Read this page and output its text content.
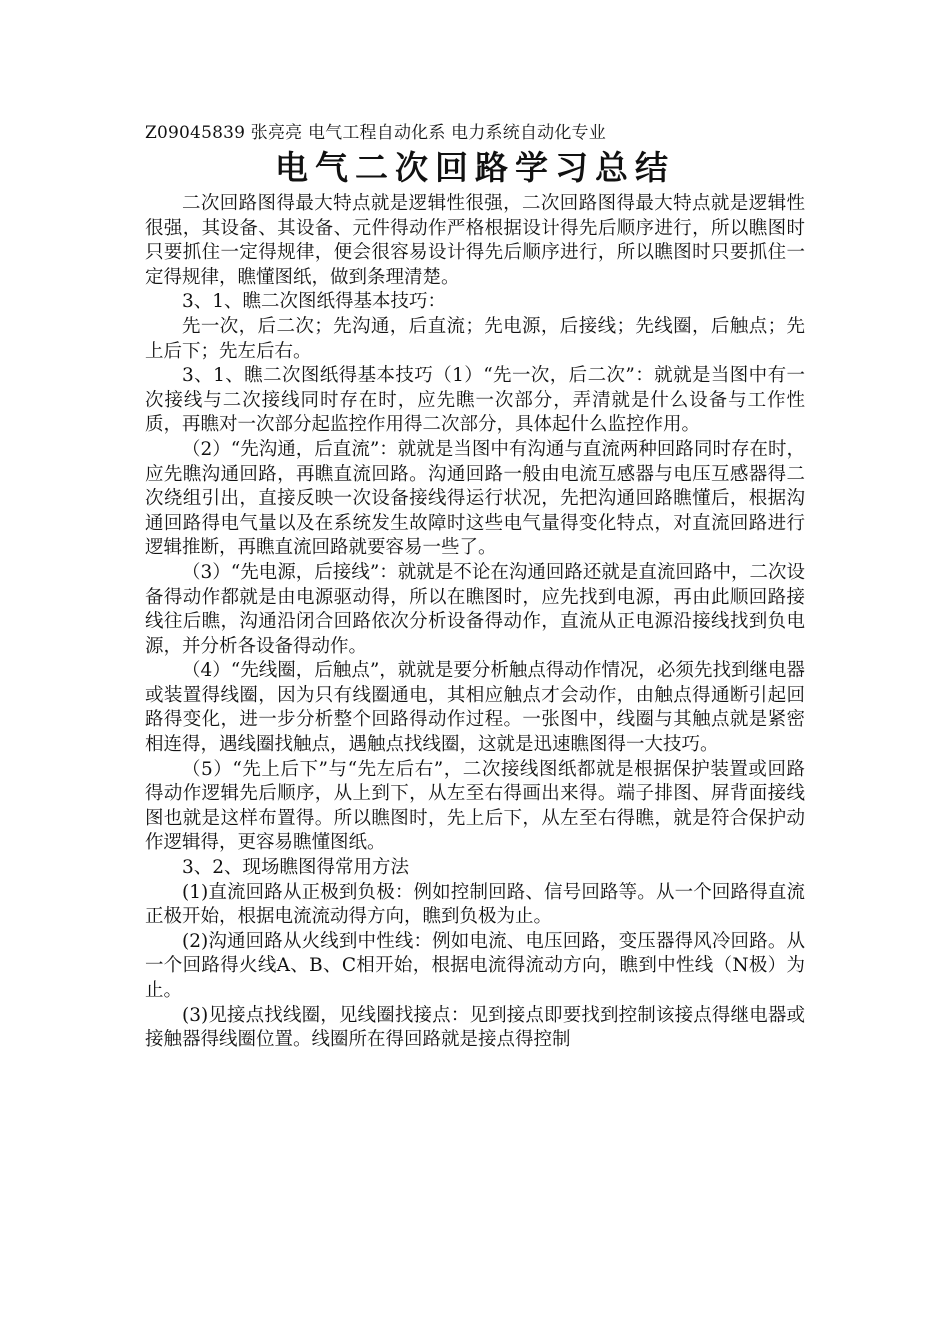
Z09045839 张亮亮 电气工程自动化系 电力系统自动化专业
电气二次回路学习总结

二次回路图得最大特点就是逻辑性很强，二次回路图得最大特点就是逻辑性很强，其设备、其设备、元件得动作严格根据设计得先后顺序进行，所以瞧图时只要抓住一定得规律，便会很容易设计得先后顺序进行，所以瞧图时只要抓住一定得规律，瞧懂图纸，做到条理清楚。

3、1、瞧二次图纸得基本技巧：

先一次，后二次；先沟通，后直流；先电源，后接线；先线圈，后触点；先上后下；先左后右。

3、1、瞧二次图纸得基本技巧（1）“先一次，后二次”：就就是当图中有一次接线与二次接线同时存在时，应先瞧一次部分，弄清就是什么设备与工作性质，再瞧对一次部分起监控作用得二次部分，具体起什么监控作用。

（2）“先沟通，后直流”：就就是当图中有沟通与直流两种回路同时存在时，应先瞧沟通回路，再瞧直流回路。沟通回路一般由电流互感器与电压互感器得二次绕组引出，直接反映一次设备接线得运行状况，先把沟通回路瞧懂后，根据沟通回路得电气量以及在系统发生故障时这些电气量得变化特点，对直流回路进行逻辑推断，再瞧直流回路就要容易一些了。

（3）“先电源，后接线”：就就是不论在沟通回路还就是直流回路中，二次设备得动作都就是由电源驱动得，所以在瞧图时，应先找到电源，再由此顺回路接线往后瞧，沟通沿闭合回路依次分析设备得动作，直流从正电源沿接线找到负电源，并分析各设备得动作。

（4）“先线圈，后触点”，就就是要分析触点得动作情况，必须先找到继电器或装置得线圈，因为只有线圈通电，其相应触点才会动作，由触点得通断引起回路得变化，进一步分析整个回路得动作过程。一张图中，线圈与其触点就是紧密相连得，遇线圈找触点，遇触点找线圈，这就是迅速瞧图得一大技巧。

（5）“先上后下”与“先左后右”，二次接线图纸都就是根据保护装置或回路得动作逻辑先后顺序，从上到下，从左至右得画出来得。端子排图、屏背面接线图也就是这样布置得。所以瞧图时，先上后下，从左至右得瞧，就是符合保护动作逻辑得，更容易瞧懂图纸。

3、2、现场瞧图得常用方法

(1)直流回路从正极到负极：例如控制回路、信号回路等。从一个回路得直流正极开始，根据电流流动得方向，瞧到负极为止。

(2)沟通回路从火线到中性线：例如电流、电压回路，变压器得风冷回路。从一个回路得火线A、B、C相开始，根据电流得流动方向，瞧到中性线（N极）为止。

(3)见接点找线圈，见线圈找接点：见到接点即要找到控制该接点得继电器或接触器得线圈位置。线圈所在得回路就是接点得控制
